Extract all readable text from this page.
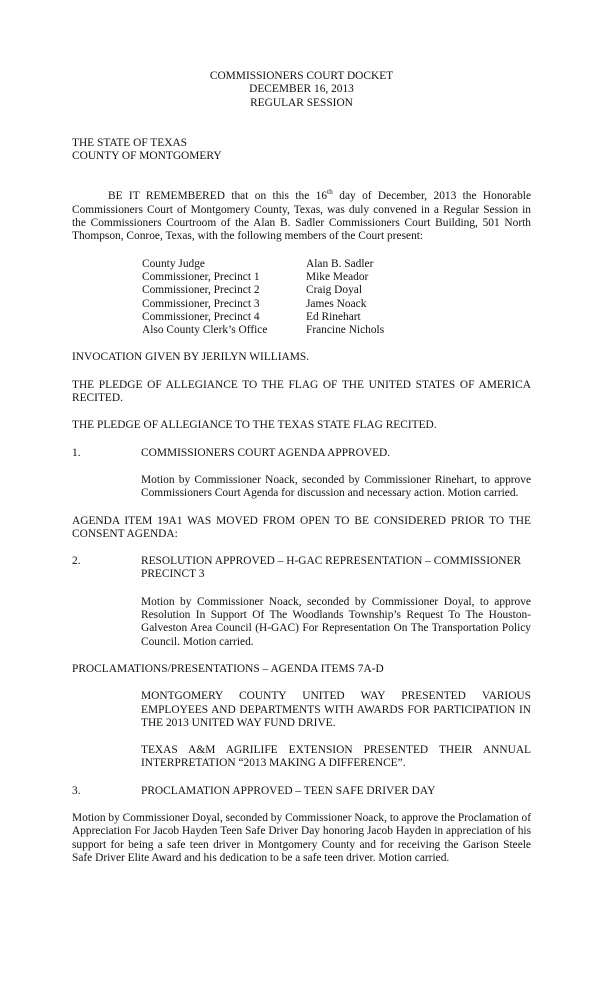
COMMISSIONERS COURT DOCKET
DECEMBER 16, 2013
REGULAR SESSION
THE STATE OF TEXAS
COUNTY OF MONTGOMERY

BE IT REMEMBERED that on this the 16th day of December, 2013 the Honorable Commissioners Court of Montgomery County, Texas, was duly convened in a Regular Session in the Commissioners Courtroom of the Alan B. Sadler Commissioners Court Building, 501 North Thompson, Conroe, Texas, with the following members of the Court present:

County Judge	Alan B. Sadler
Commissioner, Precinct 1	Mike Meador
Commissioner, Precinct 2	Craig Doyal
Commissioner, Precinct 3	James Noack
Commissioner, Precinct 4	Ed Rinehart
Also County Clerk’s Office	Francine Nichols

INVOCATION GIVEN BY JERILYN WILLIAMS.

THE PLEDGE OF ALLEGIANCE TO THE FLAG OF THE UNITED STATES OF AMERICA RECITED.

THE PLEDGE OF ALLEGIANCE TO THE TEXAS STATE FLAG RECITED.

1.	COMMISSIONERS COURT AGENDA APPROVED.

Motion by Commissioner Noack, seconded by Commissioner Rinehart, to approve Commissioners Court Agenda for discussion and necessary action. Motion carried.

AGENDA ITEM 19A1 WAS MOVED FROM OPEN TO BE CONSIDERED PRIOR TO THE CONSENT AGENDA:

2.	RESOLUTION APPROVED – H-GAC REPRESENTATION – COMMISSIONER PRECINCT 3

Motion by Commissioner Noack, seconded by Commissioner Doyal, to approve Resolution In Support Of The Woodlands Township’s Request To The Houston-Galveston Area Council (H-GAC) For Representation On The Transportation Policy Council. Motion carried.

PROCLAMATIONS/PRESENTATIONS – AGENDA ITEMS 7A-D

MONTGOMERY COUNTY UNITED WAY PRESENTED VARIOUS EMPLOYEES AND DEPARTMENTS WITH AWARDS FOR PARTICIPATION IN THE 2013 UNITED WAY FUND DRIVE.

TEXAS A&M AGRILIFE EXTENSION PRESENTED THEIR ANNUAL
INTERPRETATION “2013 MAKING A DIFFERENCE”.
3.	PROCLAMATION APPROVED – TEEN SAFE DRIVER DAY

Motion by Commissioner Doyal, seconded by Commissioner Noack, to approve the Proclamation of Appreciation For Jacob Hayden Teen Safe Driver Day honoring Jacob Hayden in appreciation of his support for being a safe teen driver in Montgomery County and for receiving the Garison Steele Safe Driver Elite Award and his dedication to be a safe teen driver. Motion carried.
